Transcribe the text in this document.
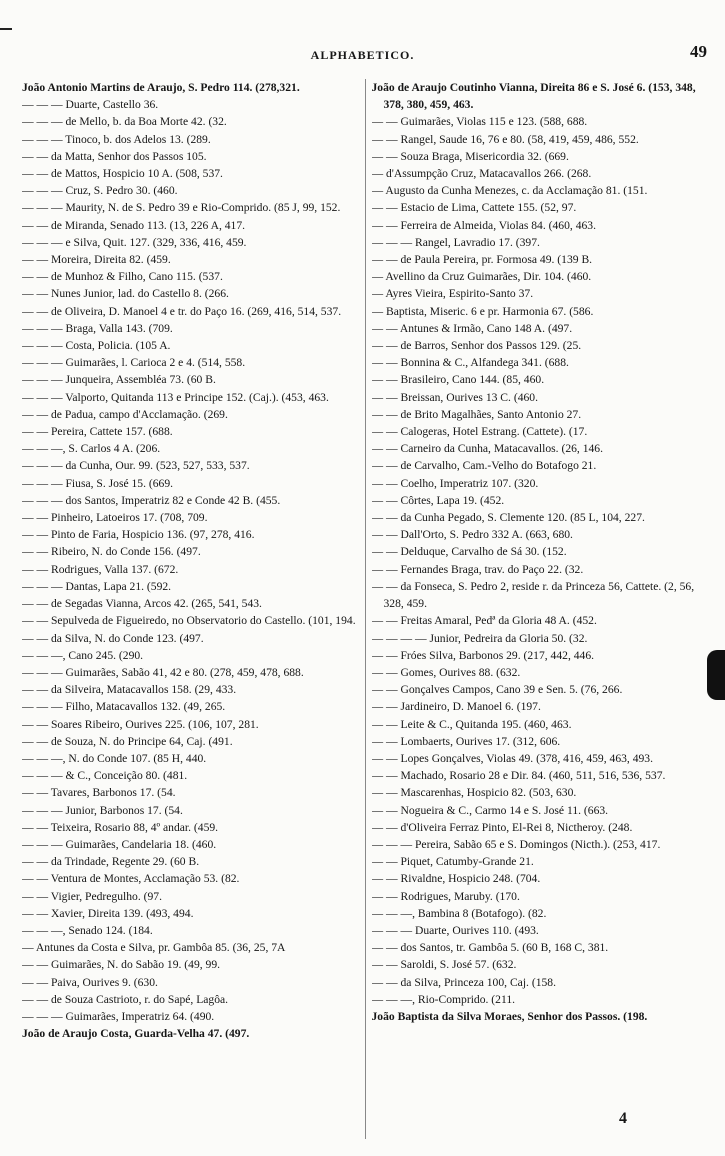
ALPHABETICO.	49
João Antonio Martins de Araujo, S. Pedro 114. (278,321.
— — — Duarte, Castello 36.
— — — de Mello, b. da Boa Morte 42. (32.
— — — Tinoco, b. dos Adelos 13. (289.
— — da Matta, Senhor dos Passos 105.
— — de Mattos, Hospicio 10 A. (508, 537.
— — — Cruz, S. Pedro 30. (460.
— — — Maurity, N. de S. Pedro 39 e Rio-Comprido. (85 J, 99, 152.
— — de Miranda, Senado 113. (13, 226 A, 417.
— — — e Silva, Quit. 127. (329, 336, 416, 459.
— — Moreira, Direita 82. (459.
— — de Munhoz & Filho, Cano 115. (537.
— — Nunes Junior, lad. do Castello 8. (266.
— — de Oliveira, D. Manoel 4 e tr. do Paço 16. (269, 416, 514, 537.
— — — Braga, Valla 143. (709.
— — — Costa, Policia. (105 A.
— — — Guimarães, l. Carioca 2 e 4. (514, 558.
— — — Junqueira, Assembléa 73. (60 B.
— — — Valporto, Quitanda 113 e Principe 152. (Caj.). (453, 463.
— — de Padua, campo d'Acclamação. (269.
— — Pereira, Cattete 157. (688.
— — —, S. Carlos 4 A. (206.
— — — da Cunha, Our. 99. (523, 527, 533, 537.
— — — Fiusa, S. José 15. (669.
— — — dos Santos, Imperatriz 82 e Conde 42 B. (455.
— — Pinheiro, Latoeiros 17. (708, 709.
— — Pinto de Faria, Hospicio 136. (97, 278, 416.
— — Ribeiro, N. do Conde 156. (497.
— — Rodrigues, Valla 137. (672.
— — — Dantas, Lapa 21. (592.
— — de Segadas Vianna, Arcos 42. (265, 541, 543.
— — Sepulveda de Figueiredo, no Observatorio do Castello. (101, 194.
— — da Silva, N. do Conde 123. (497.
— — —, Cano 245. (290.
— — — Guimarães, Sabão 41, 42 e 80. (278, 459, 478, 688.
— — da Silveira, Matacavallos 158. (29, 433.
— — — Filho, Matacavallos 132. (49, 265.
— — Soares Ribeiro, Ourives 225. (106, 107, 281.
— — de Souza, N. do Principe 64, Caj. (491.
— — —, N. do Conde 107. (85 H, 440.
— — — & C., Conceição 80. (481.
— — Tavares, Barbonos 17. (54.
— — — Junior, Barbonos 17. (54.
— — Teixeira, Rosario 88, 4º andar. (459.
— — — Guimarães, Candelaria 18. (460.
— — da Trindade, Regente 29. (60 B.
— — Ventura de Montes, Acclamação 53. (82.
— — Vigier, Pedregulho. (97.
— — Xavier, Direita 139. (493, 494.
— — —, Senado 124. (184.
— Antunes da Costa e Silva, pr. Gambôa 85. (36, 25, 7A
— — Guimarães, N. do Sabão 19. (49, 99.
— — Paiva, Ourives 9. (630.
— — de Souza Castrioto, r. do Sapé, Lagôa.
— — — Guimarães, Imperatriz 64. (490.
João de Araujo Costa, Guarda-Velha 47. (497.
João de Araujo Coutinho Vianna, Direita 86 e S. José 6. (153, 348, 378, 380, 459, 463.
— — Guimarães, Violas 115 e 123. (588, 688.
— — Rangel, Saude 16, 76 e 80. (58, 419, 459, 486, 552.
— — Souza Braga, Misericordia 32. (669.
— d'Assumpção Cruz, Matacavallos 266. (268.
— Augusto da Cunha Menezes, c. da Acclamação 81. (151.
— — Estacio de Lima, Cattete 155. (52, 97.
— — Ferreira de Almeida, Violas 84. (460, 463.
— — — Rangel, Lavradio 17. (397.
— — de Paula Pereira, pr. Formosa 49. (139 B.
— Avellino da Cruz Guimarães, Dir. 104. (460.
— Ayres Vieira, Espirito-Santo 37.
— Baptista, Miseric. 6 e pr. Harmonia 67. (586.
— — Antunes & Irmão, Cano 148 A. (497.
— — de Barros, Senhor dos Passos 129. (25.
— — Bonnina & C., Alfandega 341. (688.
— — Brasileiro, Cano 144. (85, 460.
— — Breissan, Ourives 13 C. (460.
— — de Brito Magalhães, Santo Antonio 27.
— — Calogeras, Hotel Estrang. (Cattete). (17.
— — Carneiro da Cunha, Matacavallos. (26, 146.
— — de Carvalho, Cam.-Velho do Botafogo 21.
— — Coelho, Imperatriz 107. (320.
— — Côrtes, Lapa 19. (452.
— — da Cunha Pegado, S. Clemente 120. (85 L, 104, 227.
— — Dall'Orto, S. Pedro 332 A. (663, 680.
— — Delduque, Carvalho de Sá 30. (152.
— — Fernandes Braga, trav. do Paço 22. (32.
— — da Fonseca, S. Pedro 2, reside r. da Princeza 56, Cattete. (2, 56, 328, 459.
— — Freitas Amaral, Pedª da Gloria 48 A. (452.
— — — — Junior, Pedreira da Gloria 50. (32.
— — Fróes Silva, Barbonos 29. (217, 442, 446.
— — Gomes, Ourives 88. (632.
— — Gonçalves Campos, Cano 39 e Sen. 5. (76, 266.
— — Jardineiro, D. Manoel 6. (197.
— — Leite & C., Quitanda 195. (460, 463.
— — Lombaerts, Ourives 17. (312, 606.
— — Lopes Gonçalves, Violas 49. (378, 416, 459, 463, 493.
— — Machado, Rosario 28 e Dir. 84. (460, 511, 516, 536, 537.
— — Mascarenhas, Hospicio 82. (503, 630.
— — Nogueira & C., Carmo 14 e S. José 11. (663.
— — d'Oliveira Ferraz Pinto, El-Rei 8, Nictheroy. (248.
— — — Pereira, Sabão 65 e S. Domingos (Nicth.). (253, 417.
— — Piquet, Catumby-Grande 21.
— — Rivaldne, Hospicio 248. (704.
— — Rodrigues, Maruby. (170.
— — —, Bambina 8 (Botafogo). (82.
— — — Duarte, Ourives 110. (493.
— — dos Santos, tr. Gambôa 5. (60 B, 168 C, 381.
— — Saroldi, S. José 57. (632.
— — da Silva, Princeza 100, Caj. (158.
— — —, Rio-Comprido. (211.
João Baptista da Silva Moraes, Senhor dos Passos. (198.
4
